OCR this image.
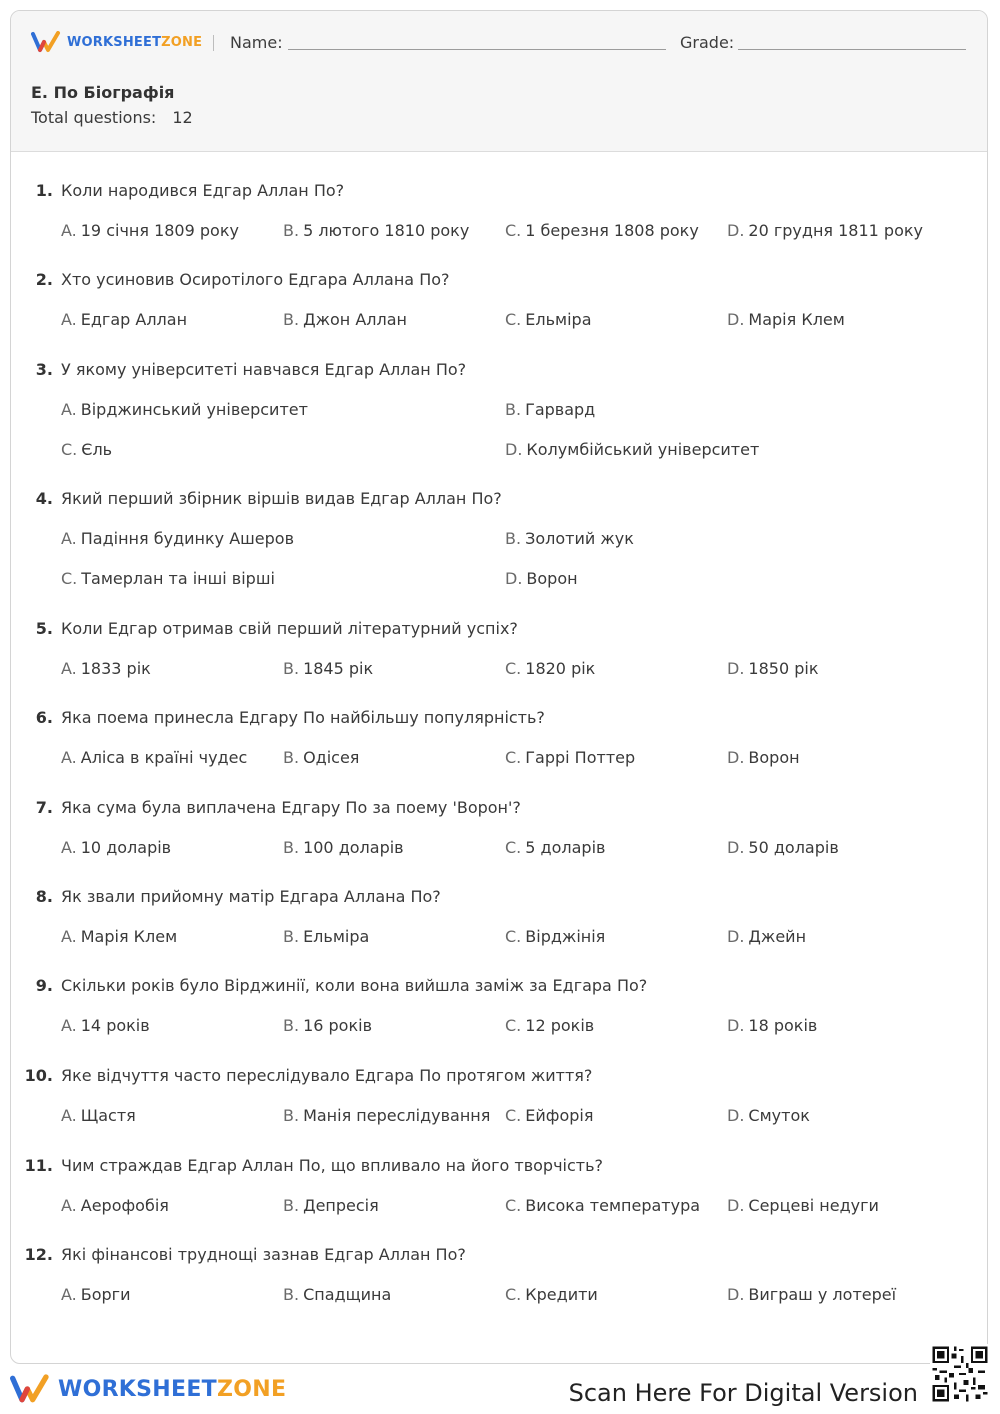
WORKSHEETZONE Name:	Grade:
Е. По Біографія
Total questions: 12
1. Коли народився Едгар Аллан По?
A. 19 січня 1809 року	B. 5 лютого 1810 року C. 1 березня 1808 року D. 20 грудня 1811 року
2. Хто усиновив Осиротілого Едгара Аллана По?
A. Едгар Аллан	B. Джон Аллан	C. Ельміра	D. Марія Клем
3. У якому університеті навчався Едгар Аллан По?
A. Вірджинський університет	B. Гарвард
C. Єль	D. Колумбійський університет
4. Який перший збірник віршів видав Едгар Аллан По?
A. Падіння будинку Ашеров	B. Золотий жук
C. Тамерлан та інші вірші	D. Ворон
5. Коли Едгар отримав свій перший літературний успіх?
A. 1833 рік	B. 1845 рік	C. 1820 рік	D. 1850 рік
6. Яка поема принесла Едгару По найбільшу популярність?
A. Аліса в країні чудес B. Одісея	C. Гаррі Поттер	D. Ворон
7. Яка сума була виплачена Едгару По за поему 'Ворон'?
A. 10 доларів	B. 100 доларів	C. 5 доларів	D. 50 доларів
8. Як звали прийомну матір Едгара Аллана По?
A. Марія Клем	B. Ельміра	C. Вірджінія	D. Джейн
9. Скільки років було Вірджинії, коли вона вийшла заміж за Едгара По?
A. 14 років	B. 16 років	C. 12 років	D. 18 років
10. Яке відчуття часто переслідувало Едгара По протягом життя?
A. Щастя	B. Манія переслідування C. Ейфорія	D. Смуток
11. Чим страждав Едгар Аллан По, що впливало на його творчість?
A. Аерофобія	B. Депресія	C. Висока температура D. Серцеві недуги
12. Які фінансові труднощі зазнав Едгар Аллан По?
A. Борги	B. Спадщина	C. Кредити	D. Виграш у лотереї
WORKSHEETZONE	Scan Here For Digital Version
